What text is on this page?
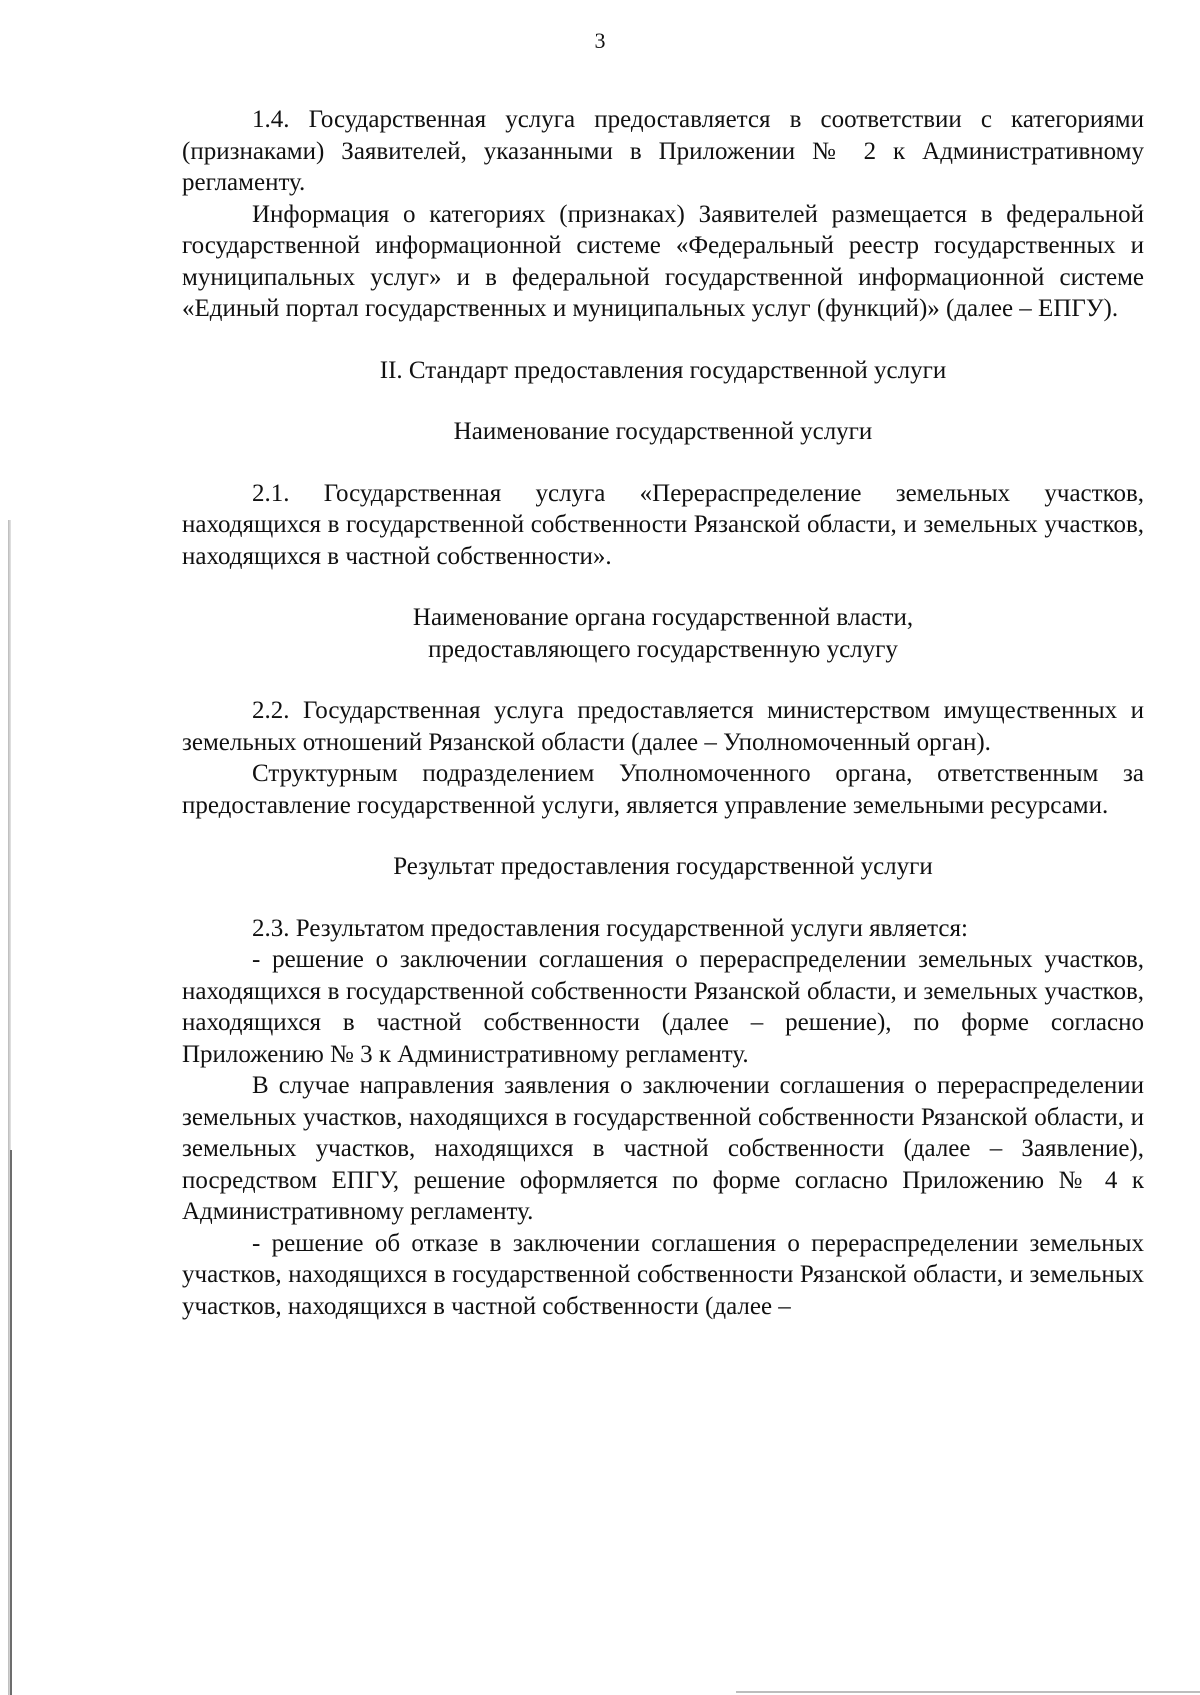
3

1.4. Государственная услуга предоставляется в соответствии с категориями (признаками) Заявителей, указанными в Приложении № 2 к Административному регламенту.

Информация о категориях (признаках) Заявителей размещается в федеральной государственной информационной системе «Федеральный реестр государственных и муниципальных услуг» и в федеральной государственной информационной системе «Единый портал государственных и муниципальных услуг (функций)» (далее – ЕПГУ).

II. Стандарт предоставления государственной услуги

Наименование государственной услуги

2.1. Государственная услуга «Перераспределение земельных участков, находящихся в государственной собственности Рязанской области, и земельных участков, находящихся в частной собственности».

Наименование органа государственной власти,

предоставляющего государственную услугу

2.2. Государственная услуга предоставляется министерством имущественных и земельных отношений Рязанской области (далее – Уполномоченный орган).

Структурным подразделением Уполномоченного органа, ответственным за предоставление государственной услуги, является управление земельными ресурсами.

Результат предоставления государственной услуги

2.3. Результатом предоставления государственной услуги является:

- решение о заключении соглашения о перераспределении земельных участков, находящихся в государственной собственности Рязанской области, и земельных участков, находящихся в частной собственности (далее – решение), по форме согласно Приложению № 3 к Административному регламенту.

В случае направления заявления о заключении соглашения о перераспределении земельных участков, находящихся в государственной собственности Рязанской области, и земельных участков, находящихся в частной собственности (далее – Заявление), посредством ЕПГУ, решение оформляется по форме согласно Приложению № 4 к Административному регламенту.

- решение об отказе в заключении соглашения о перераспределении земельных участков, находящихся в государственной собственности Рязанской области, и земельных участков, находящихся в частной собственности (далее –
